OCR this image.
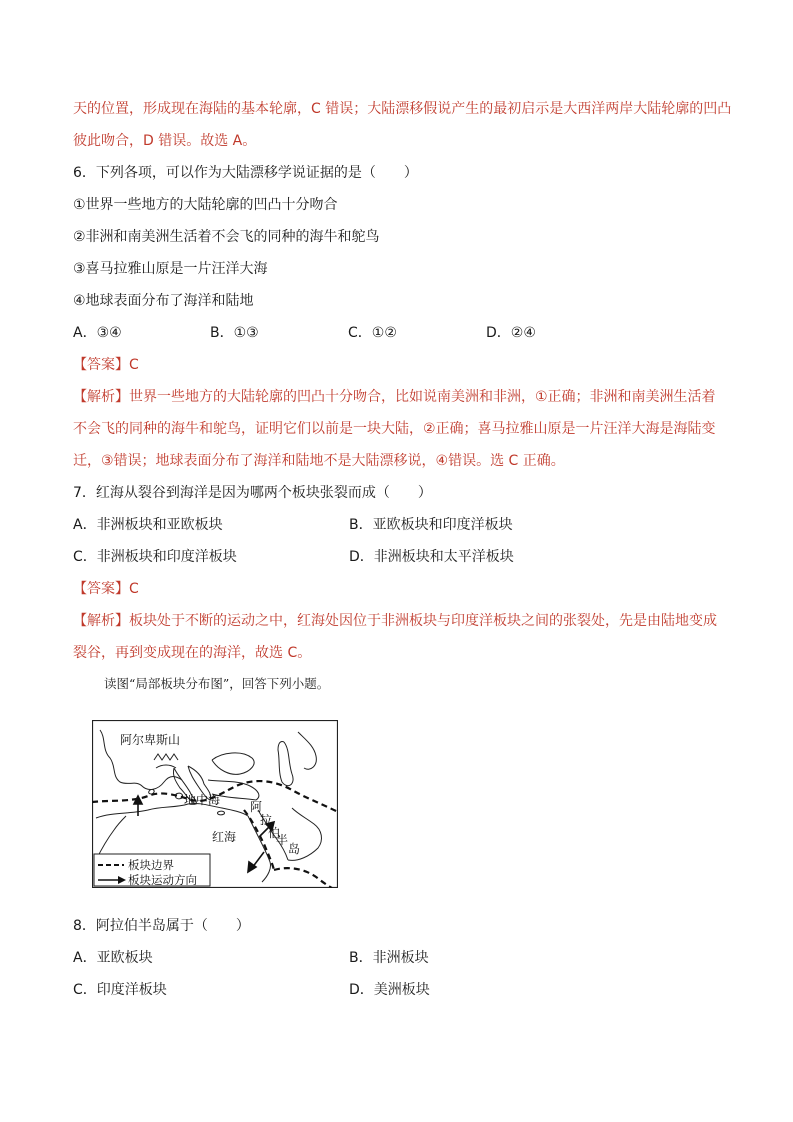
天的位置，形成现在海陆的基本轮廓，C 错误；大陆漂移假说产生的最初启示是大西洋两岸大陆轮廓的凹凸
彼此吻合，D 错误。故选 A。
6．下列各项，可以作为大陆漂移学说证据的是（　　）
①世界一些地方的大陆轮廓的凹凸十分吻合
②非洲和南美洲生活着不会飞的同种的海牛和鸵鸟
③喜马拉雅山原是一片汪洋大海
④地球表面分布了海洋和陆地
A．③④	B．①③	C．①②	D．②④
【答案】C
【解析】世界一些地方的大陆轮廓的凹凸十分吻合，比如说南美洲和非洲，①正确；非洲和南美洲生活着
不会飞的同种的海牛和鸵鸟，证明它们以前是一块大陆，②正确；喜马拉雅山原是一片汪洋大海是海陆变
迁，③错误；地球表面分布了海洋和陆地不是大陆漂移说，④错误。选 C 正确。
7．红海从裂谷到海洋是因为哪两个板块张裂而成（　　）
A．非洲板块和亚欧板块	B．亚欧板块和印度洋板块
C．非洲板块和印度洋板块	D．非洲板块和太平洋板块
【答案】C
【解析】板块处于不断的运动之中，红海处因位于非洲板块与印度洋板块之间的张裂处，先是由陆地变成
裂谷，再到变成现在的海洋，故选 C。
读图“局部板块分布图”，回答下列小题。
阿尔卑斯山
地中海
红海
阿
拉
伯
半
岛
板块边界
板块运动方向
8．阿拉伯半岛属于（　　）
A．亚欧板块	B．非洲板块
C．印度洋板块	D．美洲板块
